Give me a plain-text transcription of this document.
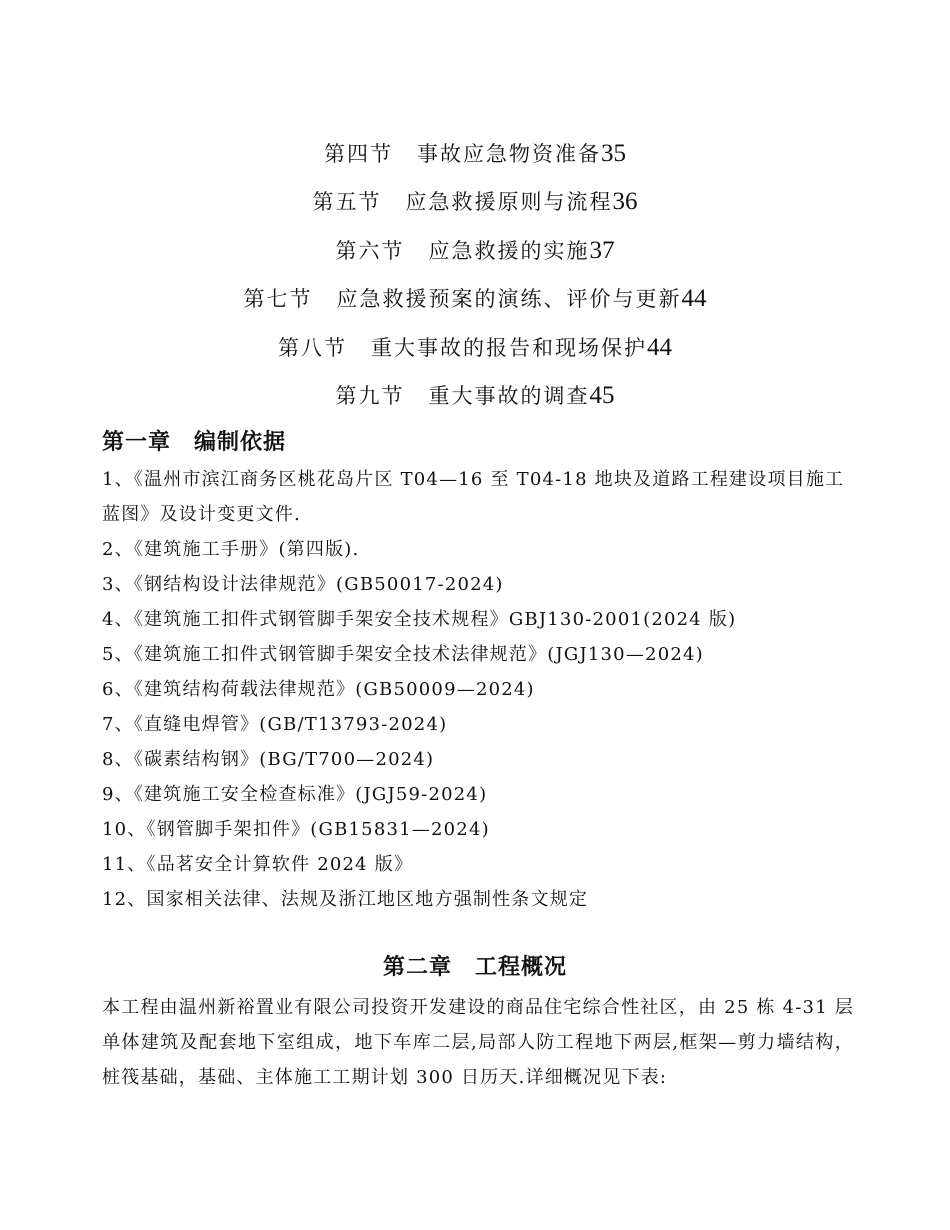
第四节 事故应急物资准备35
第五节 应急救援原则与流程36
第六节 应急救援的实施37
第七节 应急救援预案的演练、评价与更新44
第八节 重大事故的报告和现场保护44
第九节 重大事故的调查45
第一章　编制依据
1、《温州市滨江商务区桃花岛片区 T04—16 至 T04-18 地块及道路工程建设项目施工蓝图》及设计变更文件.
2、《建筑施工手册》(第四版).
3、《钢结构设计法律规范》(GB50017-2024)
4、《建筑施工扣件式钢管脚手架安全技术规程》GBJ130-2001(2024 版)
5、《建筑施工扣件式钢管脚手架安全技术法律规范》(JGJ130—2024)
6、《建筑结构荷载法律规范》(GB50009—2024)
7、《直缝电焊管》(GB/T13793-2024)
8、《碳素结构钢》(BG/T700—2024)
9、《建筑施工安全检查标准》(JGJ59-2024)
10、《钢管脚手架扣件》(GB15831—2024)
11、《品茗安全计算软件 2024 版》
12、国家相关法律、法规及浙江地区地方强制性条文规定
第二章　工程概况
本工程由温州新裕置业有限公司投资开发建设的商品住宅综合性社区，由 25 栋 4-31 层单体建筑及配套地下室组成，地下车库二层,局部人防工程地下两层,框架—剪力墙结构，桩筏基础，基础、主体施工工期计划 300 日历天.详细概况见下表:
